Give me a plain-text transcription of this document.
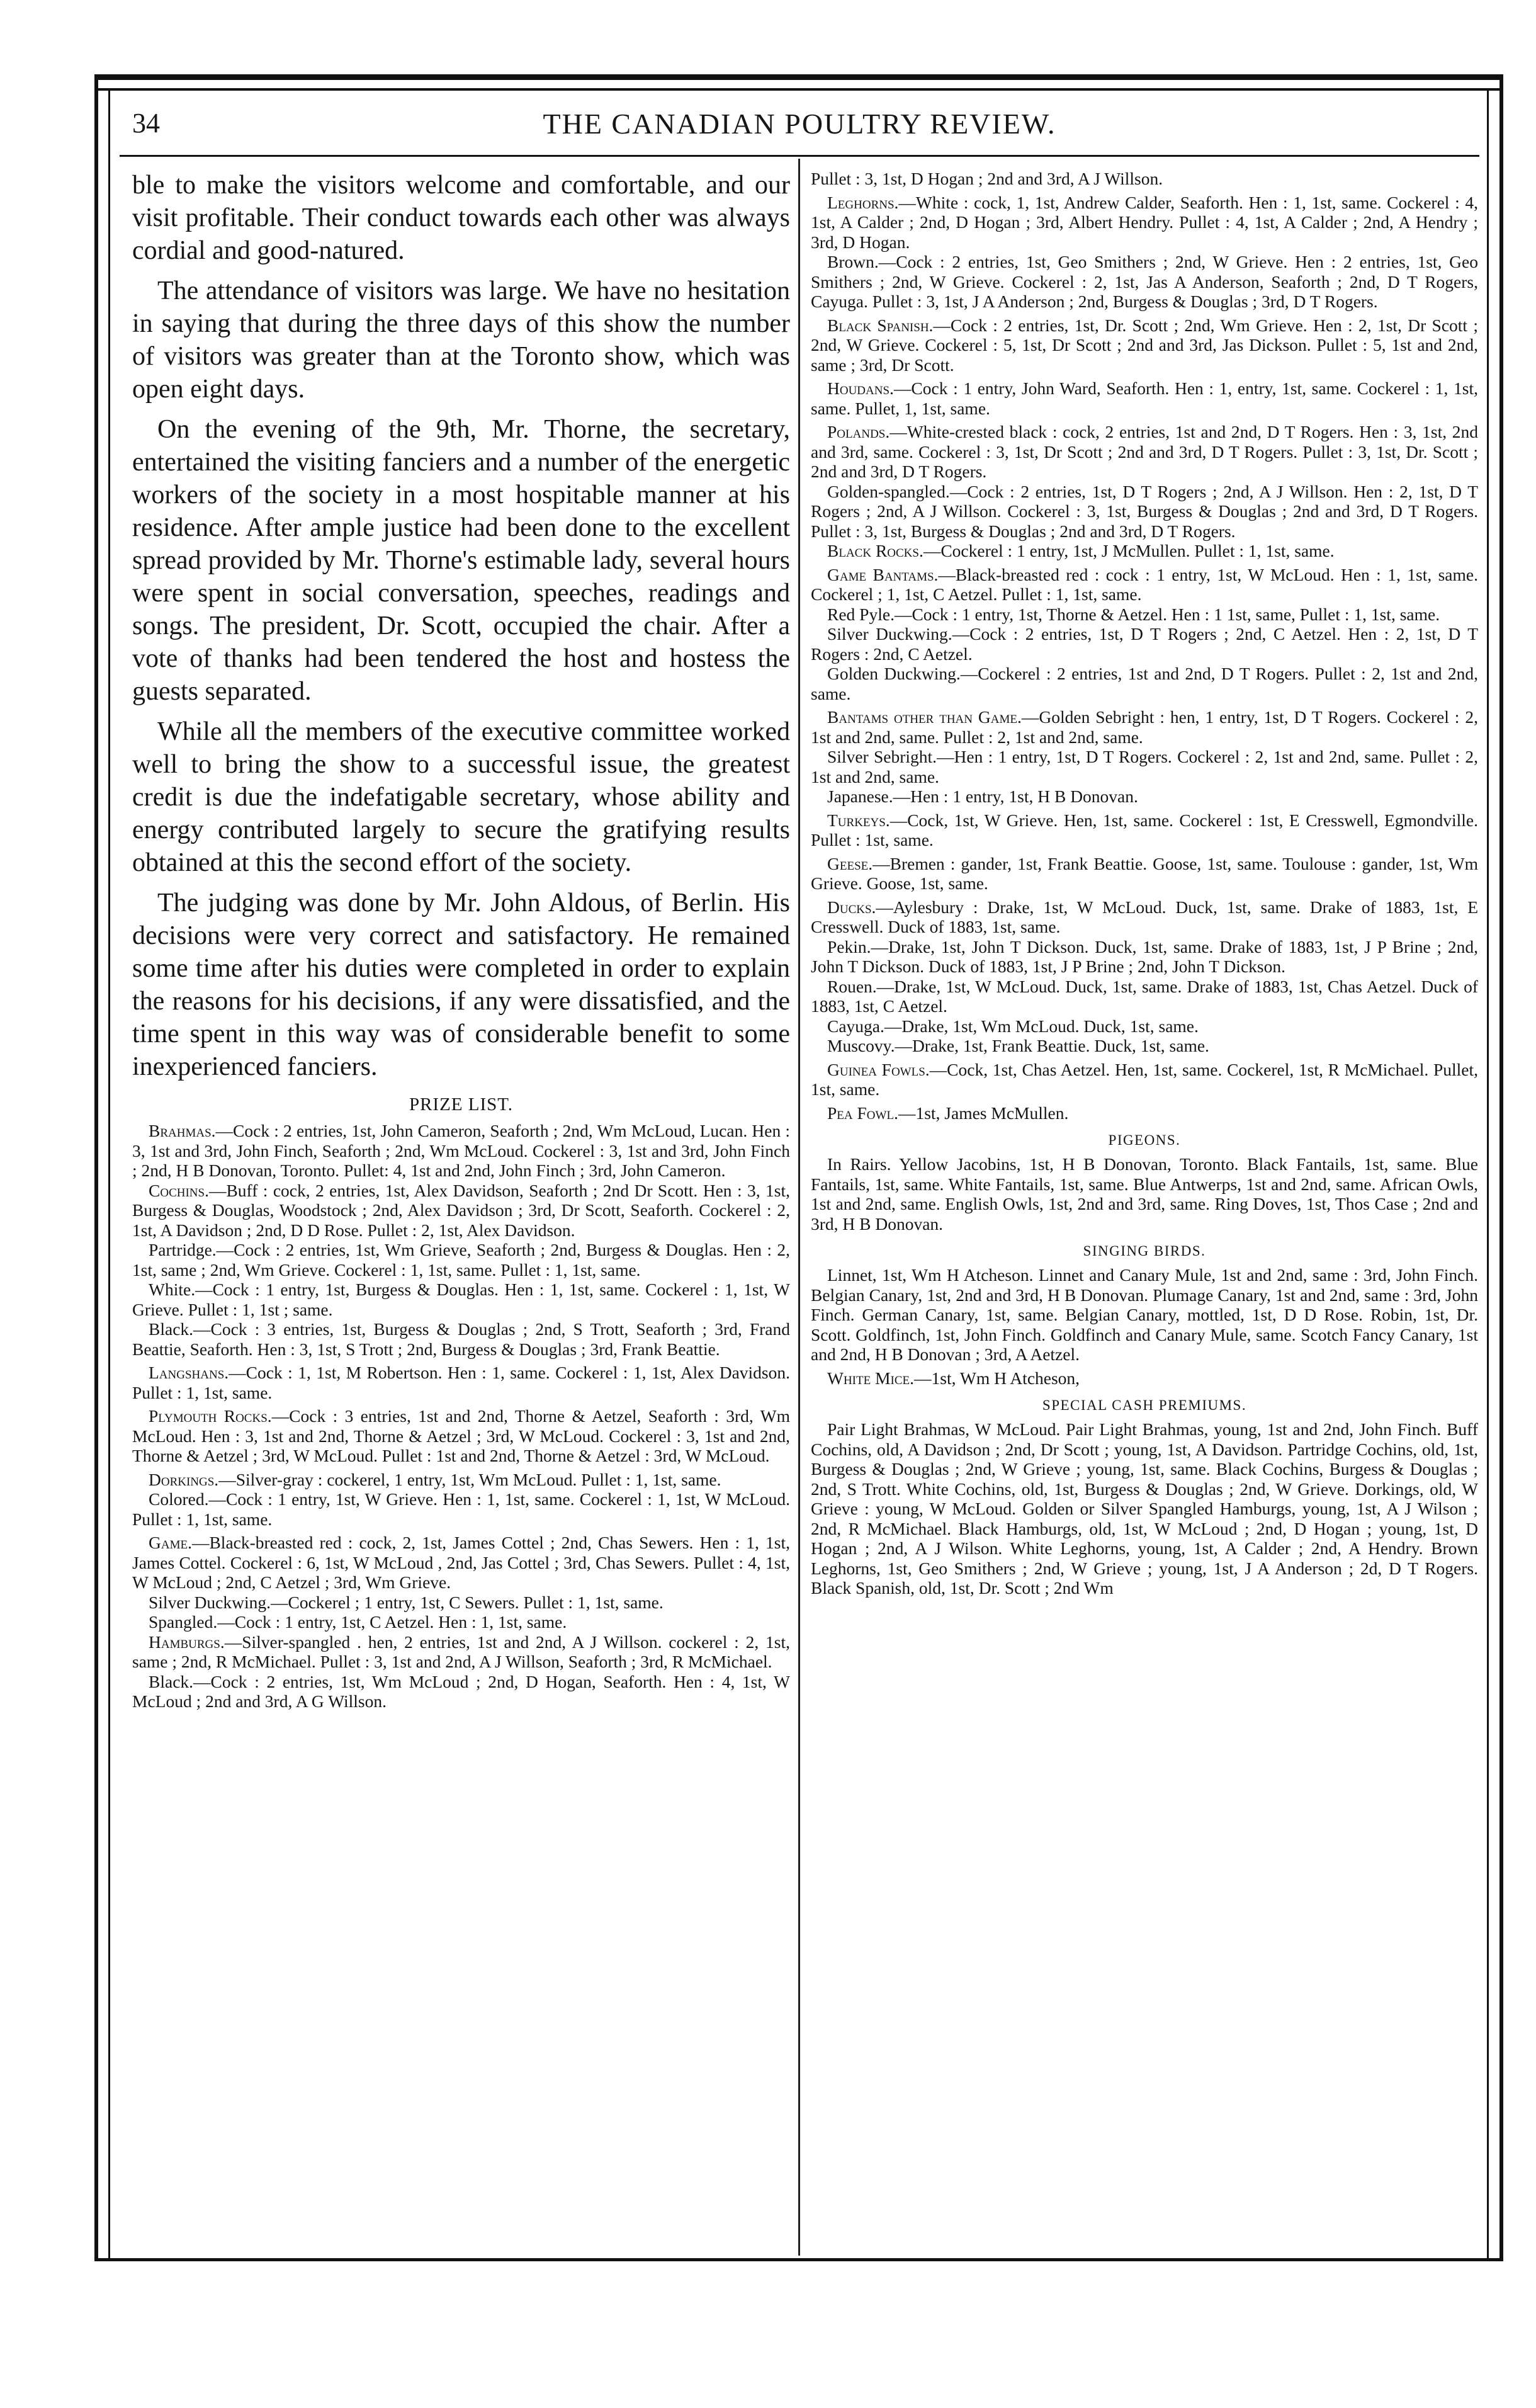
34	THE CANADIAN POULTRY REVIEW.

ble to make the visitors welcome and comfortable, and our visit profitable. Their conduct towards each other was always cordial and good-natured.

The attendance of visitors was large. We have no hesitation in saying that during the three days of this show the number of visitors was greater than at the Toronto show, which was open eight days.

On the evening of the 9th, Mr. Thorne, the secretary, entertained the visiting fanciers and a number of the energetic workers of the society in a most hospitable manner at his residence. After ample justice had been done to the excellent spread provided by Mr. Thorne's estimable lady, several hours were spent in social conversation, speeches, readings and songs. The president, Dr. Scott, occupied the chair. After a vote of thanks had been tendered the host and hostess the guests separated.

While all the members of the executive committee worked well to bring the show to a successful issue, the greatest credit is due the indefatigable secretary, whose ability and energy contributed largely to secure the gratifying results obtained at this the second effort of the society.

The judging was done by Mr. John Aldous, of Berlin. His decisions were very correct and satisfactory. He remained some time after his duties were completed in order to explain the reasons for his decisions, if any were dissatisfied, and the time spent in this way was of considerable benefit to some inexperienced fanciers.

PRIZE LIST.

Brahmas.—Cock : 2 entries, 1st, John Cameron, Seaforth ; 2nd, Wm McLoud, Lucan. Hen : 3, 1st and 3rd, John Finch, Seaforth ; 2nd, Wm McLoud. Cockerel : 3, 1st and 3rd, John Finch ; 2nd, H B Donovan, Toronto. Pullet: 4, 1st and 2nd, John Finch ; 3rd, John Cameron.

Cochins.—Buff : cock, 2 entries, 1st, Alex Davidson, Seaforth ; 2nd Dr Scott. Hen : 3, 1st, Burgess & Douglas, Woodstock ; 2nd, Alex Davidson ; 3rd, Dr Scott, Seaforth. Cockerel : 2, 1st, A Davidson ; 2nd, D D Rose. Pullet : 2, 1st, Alex Davidson.

Partridge.—Cock : 2 entries, 1st, Wm Grieve, Seaforth ; 2nd, Burgess & Douglas. Hen : 2, 1st, same ; 2nd, Wm Grieve. Cockerel : 1, 1st, same. Pullet : 1, 1st, same.

White.—Cock : 1 entry, 1st, Burgess & Douglas. Hen : 1, 1st, same. Cockerel : 1, 1st, W Grieve. Pullet : 1, 1st ; same.

Black.—Cock : 3 entries, 1st, Burgess & Douglas ; 2nd, S Trott, Seaforth ; 3rd, Frand Beattie, Seaforth. Hen : 3, 1st, S Trott ; 2nd, Burgess & Douglas ; 3rd, Frank Beattie.

Langshans.—Cock : 1, 1st, M Robertson. Hen : 1, same. Cockerel : 1, 1st, Alex Davidson. Pullet : 1, 1st, same.

Plymouth Rocks.—Cock : 3 entries, 1st and 2nd, Thorne & Aetzel, Seaforth : 3rd, Wm McLoud. Hen : 3, 1st and 2nd, Thorne & Aetzel ; 3rd, W McLoud. Cockerel : 3, 1st and 2nd, Thorne & Aetzel ; 3rd, W McLoud. Pullet : 1st and 2nd, Thorne & Aetzel : 3rd, W McLoud.

Dorkings.—Silver-gray : cockerel, 1 entry, 1st, Wm McLoud. Pullet : 1, 1st, same.

Colored.—Cock : 1 entry, 1st, W Grieve. Hen : 1, 1st, same. Cockerel : 1, 1st, W McLoud. Pullet : 1, 1st, same.

Game.—Black-breasted red : cock, 2, 1st, James Cottel ; 2nd, Chas Sewers. Hen : 1, 1st, James Cottel. Cockerel : 6, 1st, W McLoud , 2nd, Jas Cottel ; 3rd, Chas Sewers. Pullet : 4, 1st, W McLoud ; 2nd, C Aetzel ; 3rd, Wm Grieve.

Silver Duckwing.—Cockerel ; 1 entry, 1st, C Sewers. Pullet : 1, 1st, same.

Spangled.—Cock : 1 entry, 1st, C Aetzel. Hen : 1, 1st, same.

Hamburgs.—Silver-spangled . hen, 2 entries, 1st and 2nd, A J Willson. cockerel : 2, 1st, same ; 2nd, R McMichael. Pullet : 3, 1st and 2nd, A J Willson, Seaforth ; 3rd, R McMichael.

Black.—Cock : 2 entries, 1st, Wm McLoud ; 2nd, D Hogan, Seaforth. Hen : 4, 1st, W McLoud ; 2nd and 3rd, A G Willson.

Pullet : 3, 1st, D Hogan ; 2nd and 3rd, A J Willson.

Leghorns.—White : cock, 1, 1st, Andrew Calder, Seaforth. Hen : 1, 1st, same. Cockerel : 4, 1st, A Calder ; 2nd, D Hogan ; 3rd, Albert Hendry. Pullet : 4, 1st, A Calder ; 2nd, A Hendry ; 3rd, D Hogan.

Brown.—Cock : 2 entries, 1st, Geo Smithers ; 2nd, W Grieve. Hen : 2 entries, 1st, Geo Smithers ; 2nd, W Grieve. Cockerel : 2, 1st, Jas A Anderson, Seaforth ; 2nd, D T Rogers, Cayuga. Pullet : 3, 1st, J A Anderson ; 2nd, Burgess & Douglas ; 3rd, D T Rogers.

Black Spanish.—Cock : 2 entries, 1st, Dr. Scott ; 2nd, Wm Grieve. Hen : 2, 1st, Dr Scott ; 2nd, W Grieve. Cockerel : 5, 1st, Dr Scott ; 2nd and 3rd, Jas Dickson. Pullet : 5, 1st and 2nd, same ; 3rd, Dr Scott.

Houdans.—Cock : 1 entry, John Ward, Seaforth. Hen : 1, entry, 1st, same. Cockerel : 1, 1st, same. Pullet, 1, 1st, same.

Polands.—White-crested black : cock, 2 entries, 1st and 2nd, D T Rogers. Hen : 3, 1st, 2nd and 3rd, same. Cockerel : 3, 1st, Dr Scott ; 2nd and 3rd, D T Rogers. Pullet : 3, 1st, Dr. Scott ; 2nd and 3rd, D T Rogers.

Golden-spangled.—Cock : 2 entries, 1st, D T Rogers ; 2nd, A J Willson. Hen : 2, 1st, D T Rogers ; 2nd, A J Willson. Cockerel : 3, 1st, Burgess & Douglas ; 2nd and 3rd, D T Rogers. Pullet : 3, 1st, Burgess & Douglas ; 2nd and 3rd, D T Rogers.

Black Rocks.—Cockerel : 1 entry, 1st, J McMullen. Pullet : 1, 1st, same.

Game Bantams.—Black-breasted red : cock : 1 entry, 1st, W McLoud. Hen : 1, 1st, same. Cockerel ; 1, 1st, C Aetzel. Pullet : 1, 1st, same.

Red Pyle.—Cock : 1 entry, 1st, Thorne & Aetzel. Hen : 1 1st, same, Pullet : 1, 1st, same.

Silver Duckwing.—Cock : 2 entries, 1st, D T Rogers ; 2nd, C Aetzel. Hen : 2, 1st, D T Rogers : 2nd, C Aetzel.

Golden Duckwing.—Cockerel : 2 entries, 1st and 2nd, D T Rogers. Pullet : 2, 1st and 2nd, same.

Bantams other than Game.—Golden Sebright : hen, 1 entry, 1st, D T Rogers. Cockerel : 2, 1st and 2nd, same. Pullet : 2, 1st and 2nd, same.

Silver Sebright.—Hen : 1 entry, 1st, D T Rogers. Cockerel : 2, 1st and 2nd, same. Pullet : 2, 1st and 2nd, same.

Japanese.—Hen : 1 entry, 1st, H B Donovan.

Turkeys.—Cock, 1st, W Grieve. Hen, 1st, same. Cockerel : 1st, E Cresswell, Egmondville. Pullet : 1st, same.

Geese.—Bremen : gander, 1st, Frank Beattie. Goose, 1st, same. Toulouse : gander, 1st, Wm Grieve. Goose, 1st, same.

Ducks.—Aylesbury : Drake, 1st, W McLoud. Duck, 1st, same. Drake of 1883, 1st, E Cresswell. Duck of 1883, 1st, same.

Pekin.—Drake, 1st, John T Dickson. Duck, 1st, same. Drake of 1883, 1st, J P Brine ; 2nd, John T Dickson. Duck of 1883, 1st, J P Brine ; 2nd, John T Dickson.

Rouen.—Drake, 1st, W McLoud. Duck, 1st, same. Drake of 1883, 1st, Chas Aetzel. Duck of 1883, 1st, C Aetzel.

Cayuga.—Drake, 1st, Wm McLoud. Duck, 1st, same.

Muscovy.—Drake, 1st, Frank Beattie. Duck, 1st, same.

Guinea Fowls.—Cock, 1st, Chas Aetzel. Hen, 1st, same. Cockerel, 1st, R McMichael. Pullet, 1st, same.

Pea Fowl.—1st, James McMullen.

PIGEONS.

In Rairs. Yellow Jacobins, 1st, H B Donovan, Toronto. Black Fantails, 1st, same. Blue Fantails, 1st, same. White Fantails, 1st, same. Blue Antwerps, 1st and 2nd, same. African Owls, 1st and 2nd, same. English Owls, 1st, 2nd and 3rd, same. Ring Doves, 1st, Thos Case ; 2nd and 3rd, H B Donovan.

SINGING BIRDS.

Linnet, 1st, Wm H Atcheson. Linnet and Canary Mule, 1st and 2nd, same : 3rd, John Finch. Belgian Canary, 1st, 2nd and 3rd, H B Donovan. Plumage Canary, 1st and 2nd, same : 3rd, John Finch. German Canary, 1st, same. Belgian Canary, mottled, 1st, D D Rose. Robin, 1st, Dr. Scott. Goldfinch, 1st, John Finch. Goldfinch and Canary Mule, same. Scotch Fancy Canary, 1st and 2nd, H B Donovan ; 3rd, A Aetzel.

White Mice.—1st, Wm H Atcheson,

SPECIAL CASH PREMIUMS.

Pair Light Brahmas, W McLoud. Pair Light Brahmas, young, 1st and 2nd, John Finch. Buff Cochins, old, A Davidson ; 2nd, Dr Scott ; young, 1st, A Davidson. Partridge Cochins, old, 1st, Burgess & Douglas ; 2nd, W Grieve ; young, 1st, same. Black Cochins, Burgess & Douglas ; 2nd, S Trott. White Cochins, old, 1st, Burgess & Douglas ; 2nd, W Grieve. Dorkings, old, W Grieve : young, W McLoud. Golden or Silver Spangled Hamburgs, young, 1st, A J Wilson ; 2nd, R McMichael. Black Hamburgs, old, 1st, W McLoud ; 2nd, D Hogan ; young, 1st, D Hogan ; 2nd, A J Wilson. White Leghorns, young, 1st, A Calder ; 2nd, A Hendry. Brown Leghorns, 1st, Geo Smithers ; 2nd, W Grieve ; young, 1st, J A Anderson ; 2d, D T Rogers. Black Spanish, old, 1st, Dr. Scott ; 2nd Wm
